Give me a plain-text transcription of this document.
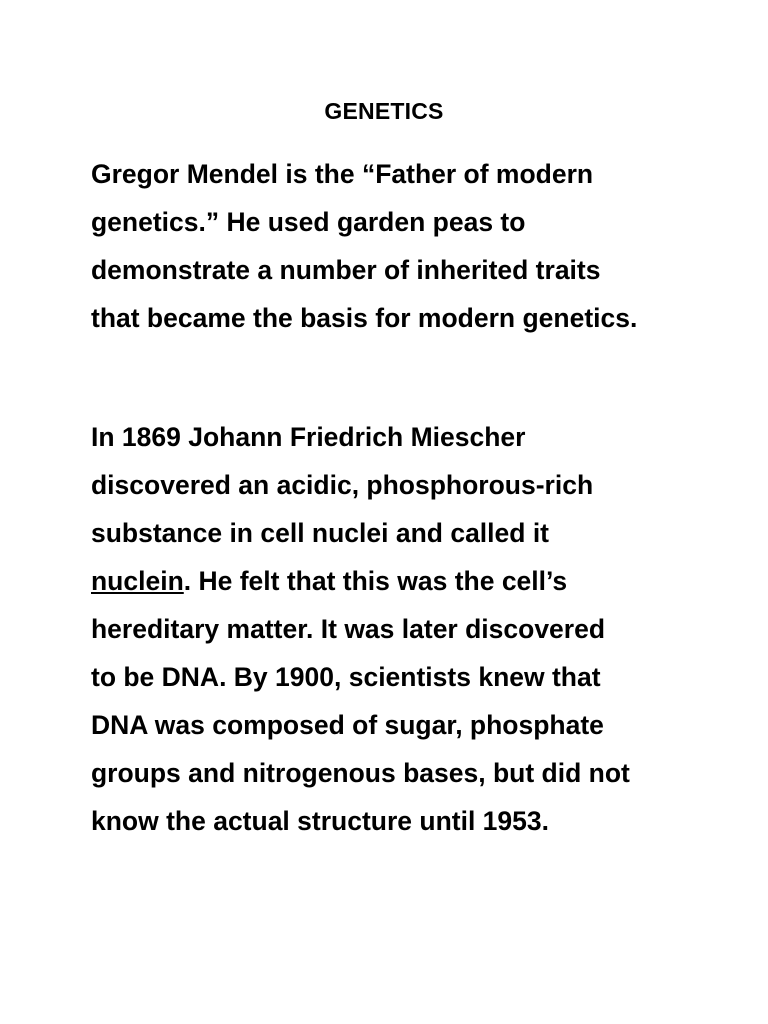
GENETICS

Gregor Mendel is the “Father of modern
genetics.” He used garden peas to
demonstrate a number of inherited traits
that became the basis for modern genetics.

In 1869 Johann Friedrich Miescher
discovered an acidic, phosphorous-rich
substance in cell nuclei and called it
nuclein. He felt that this was the cell’s
hereditary matter. It was later discovered
to be DNA. By 1900, scientists knew that
DNA was composed of sugar, phosphate
groups and nitrogenous bases, but did not
know the actual structure until 1953.
